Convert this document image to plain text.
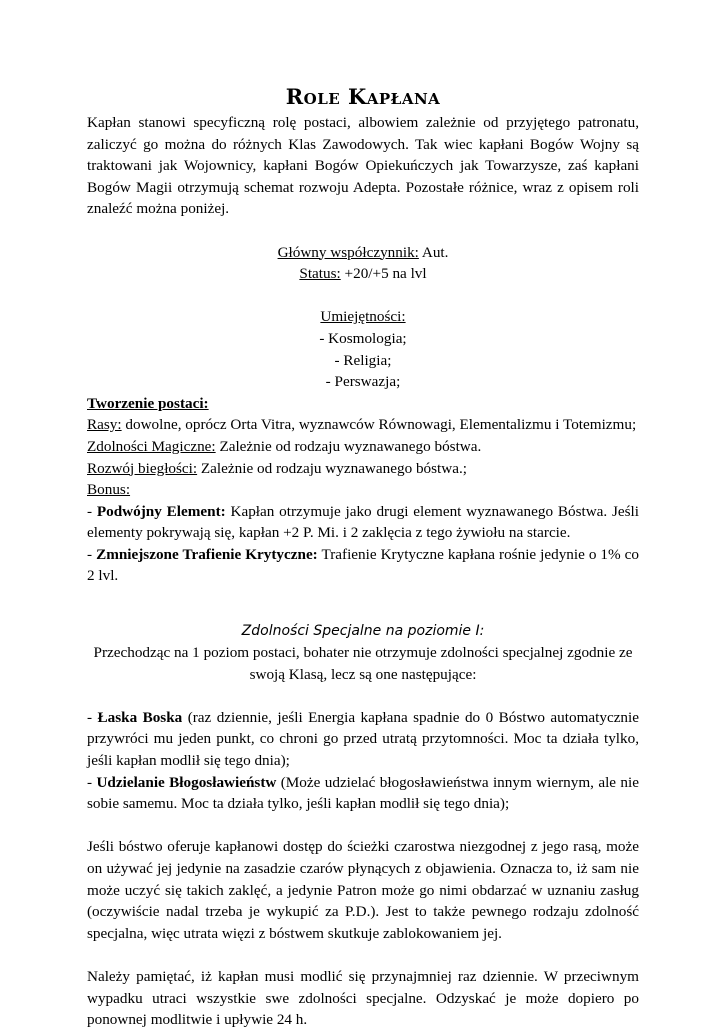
Role Kapłana

Kapłan stanowi specyficzną rolę postaci, albowiem zależnie od przyjętego patronatu, zaliczyć go można do różnych Klas Zawodowych. Tak wiec kapłani Bogów Wojny są traktowani jak Wojownicy, kapłani Bogów Opiekuńczych jak Towarzysze, zaś kapłani Bogów Magii otrzymują schemat rozwoju Adepta. Pozostałe różnice, wraz z opisem roli znaleźć można poniżej.

Główny współczynnik: Aut.

Status: +20/+5 na lvl

Umiejętności:

- Kosmologia;

- Religia;

- Perswazja;

Tworzenie postaci:

Rasy: dowolne, oprócz Orta Vitra, wyznawców Równowagi, Elementalizmu i Totemizmu;

Zdolności Magiczne: Zależnie od rodzaju wyznawanego bóstwa.

Rozwój biegłości: Zależnie od rodzaju wyznawanego bóstwa.;

Bonus:

- Podwójny Element: Kapłan otrzymuje jako drugi element wyznawanego Bóstwa. Jeśli elementy pokrywają się, kapłan +2 P. Mi. i 2 zaklęcia z tego żywiołu na starcie.

- Zmniejszone Trafienie Krytyczne: Trafienie Krytyczne kapłana rośnie jedynie o 1% co 2 lvl.

Zdolności Specjalne na poziomie I:

Przechodząc na 1 poziom postaci, bohater nie otrzymuje zdolności specjalnej zgodnie ze swoją Klasą, lecz są one następujące:

- Łaska Boska (raz dziennie, jeśli Energia kapłana spadnie do 0 Bóstwo automatycznie przywróci mu jeden punkt, co chroni go przed utratą przytomności. Moc ta działa tylko, jeśli kapłan modlił się tego dnia);

- Udzielanie Błogosławieństw (Może udzielać błogosławieństwa innym wiernym, ale nie sobie samemu. Moc ta działa tylko, jeśli kapłan modlił się tego dnia);

Jeśli bóstwo oferuje kapłanowi dostęp do ścieżki czarostwa niezgodnej z jego rasą, może on używać jej jedynie na zasadzie czarów płynących z objawienia. Oznacza to, iż sam nie może uczyć się takich zaklęć, a jedynie Patron może go nimi obdarzać w uznaniu zasług (oczywiście nadal trzeba je wykupić za P.D.). Jest to także pewnego rodzaju zdolność specjalna, więc utrata więzi z bóstwem skutkuje zablokowaniem jej.

Należy pamiętać, iż kapłan musi modlić się przynajmniej raz dziennie. W przeciwnym wypadku utraci wszystkie swe zdolności specjalne. Odzyskać je może dopiero po ponownej modlitwie i upływie 24 h.
